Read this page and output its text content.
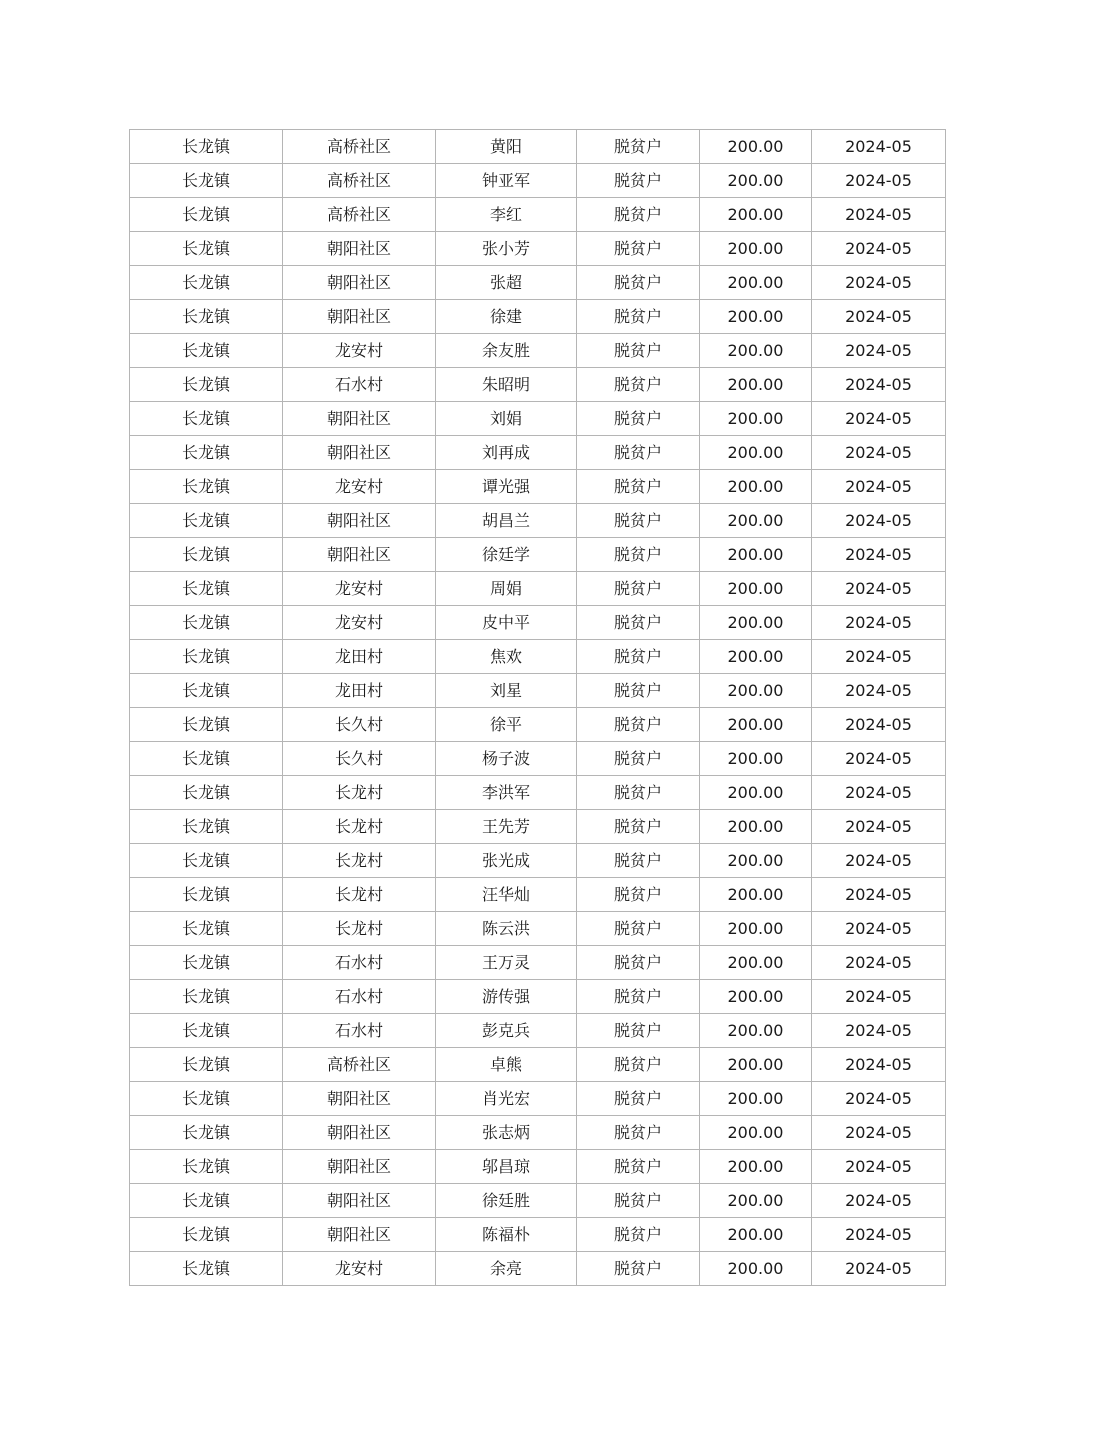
长龙镇	高桥社区	黄阳	脱贫户	200.00	2024-05
长龙镇	高桥社区	钟亚军	脱贫户	200.00	2024-05
长龙镇	高桥社区	李红	脱贫户	200.00	2024-05
长龙镇	朝阳社区	张小芳	脱贫户	200.00	2024-05
长龙镇	朝阳社区	张超	脱贫户	200.00	2024-05
长龙镇	朝阳社区	徐建	脱贫户	200.00	2024-05
长龙镇	龙安村	余友胜	脱贫户	200.00	2024-05
长龙镇	石水村	朱昭明	脱贫户	200.00	2024-05
长龙镇	朝阳社区	刘娟	脱贫户	200.00	2024-05
长龙镇	朝阳社区	刘再成	脱贫户	200.00	2024-05
长龙镇	龙安村	谭光强	脱贫户	200.00	2024-05
长龙镇	朝阳社区	胡昌兰	脱贫户	200.00	2024-05
长龙镇	朝阳社区	徐廷学	脱贫户	200.00	2024-05
长龙镇	龙安村	周娟	脱贫户	200.00	2024-05
长龙镇	龙安村	皮中平	脱贫户	200.00	2024-05
长龙镇	龙田村	焦欢	脱贫户	200.00	2024-05
长龙镇	龙田村	刘星	脱贫户	200.00	2024-05
长龙镇	长久村	徐平	脱贫户	200.00	2024-05
长龙镇	长久村	杨子波	脱贫户	200.00	2024-05
长龙镇	长龙村	李洪军	脱贫户	200.00	2024-05
长龙镇	长龙村	王先芳	脱贫户	200.00	2024-05
长龙镇	长龙村	张光成	脱贫户	200.00	2024-05
长龙镇	长龙村	汪华灿	脱贫户	200.00	2024-05
长龙镇	长龙村	陈云洪	脱贫户	200.00	2024-05
长龙镇	石水村	王万灵	脱贫户	200.00	2024-05
长龙镇	石水村	游传强	脱贫户	200.00	2024-05
长龙镇	石水村	彭克兵	脱贫户	200.00	2024-05
长龙镇	高桥社区	卓熊	脱贫户	200.00	2024-05
长龙镇	朝阳社区	肖光宏	脱贫户	200.00	2024-05
长龙镇	朝阳社区	张志炳	脱贫户	200.00	2024-05
长龙镇	朝阳社区	邬昌琼	脱贫户	200.00	2024-05
长龙镇	朝阳社区	徐廷胜	脱贫户	200.00	2024-05
长龙镇	朝阳社区	陈福朴	脱贫户	200.00	2024-05
长龙镇	龙安村	余亮	脱贫户	200.00	2024-05
